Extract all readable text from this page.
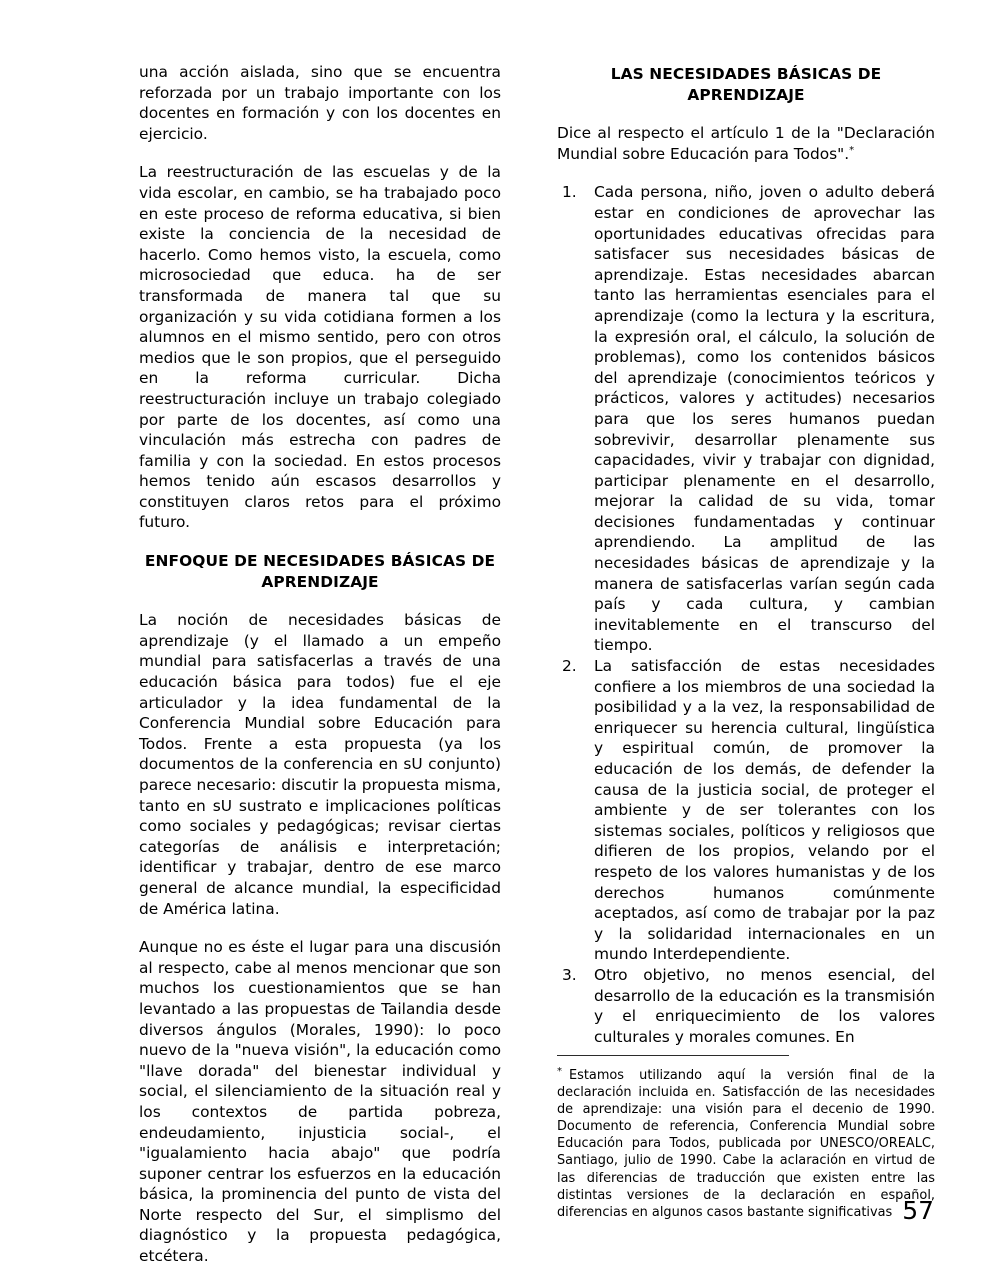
una acción aislada, sino que se encuentra reforzada por un trabajo importante con los docentes en formación y con los docentes en ejercicio.

La reestructuración de las escuelas y de la vida escolar, en cambio, se ha trabajado poco en este proceso de reforma educativa, si bien existe la conciencia de la necesidad de hacerlo. Como hemos visto, la escuela, como microsociedad que educa. ha de ser transformada de manera tal que su organización y su vida cotidiana formen a los alumnos en el mismo sentido, pero con otros medios que le son propios, que el perseguido en la reforma curricular. Dicha reestructuración incluye un trabajo colegiado por parte de los docentes, así como una vinculación más estrecha con padres de familia y con la sociedad. En estos procesos hemos tenido aún escasos desarrollos y constituyen claros retos para el próximo futuro.

ENFOQUE DE NECESIDADES BÁSICAS DE APRENDIZAJE

La noción de necesidades básicas de aprendizaje (y el llamado a un empeño mundial para satisfacerlas a través de una educación básica para todos) fue el eje articulador y la idea fundamental de la Conferencia Mundial sobre Educación para Todos. Frente a esta propuesta (ya los documentos de la conferencia en sU conjunto) parece necesario: discutir la propuesta misma, tanto en sU sustrato e implicaciones políticas como sociales y pedagógicas; revisar ciertas categorías de análisis e interpretación; identificar y trabajar, dentro de ese marco general de alcance mundial, la especificidad de América latina.

Aunque no es éste el lugar para una discusión al respecto, cabe al menos mencionar que son muchos los cuestionamientos que se han levantado a las propuestas de Tailandia desde diversos ángulos (Morales, 1990): lo poco nuevo de la "nueva visión", la educación como "llave dorada" del bienestar individual y social, el silenciamiento de la situación real y los contextos de partida pobreza, endeudamiento, injusticia social-, el "igualamiento hacia abajo" que podría suponer centrar los esfuerzos en la educación básica, la prominencia del punto de vista del Norte respecto del Sur, el simplismo del diagnóstico y la propuesta pedagógica, etcétera.

LAS NECESIDADES BÁSICAS DE APRENDIZAJE

Dice al respecto el artículo 1 de la "Declaración Mundial sobre Educación para Todos".*

1.	Cada persona, niño, joven o adulto deberá estar en condiciones de aprovechar las oportunidades educativas ofrecidas para satisfacer sus necesidades básicas de aprendizaje. Estas necesidades abarcan tanto las herramientas esenciales para el aprendizaje (como la lectura y la escritura, la expresión oral, el cálculo, la solución de problemas), como los contenidos básicos del aprendizaje (conocimientos teóricos y prácticos, valores y actitudes) necesarios para que los seres humanos puedan sobrevivir, desarrollar plenamente sus capacidades, vivir y trabajar con dignidad, participar plenamente en el desarrollo, mejorar la calidad de su vida, tomar decisiones fundamentadas y continuar aprendiendo. La amplitud de las necesidades básicas de aprendizaje y la manera de satisfacerlas varían según cada país y cada cultura, y cambian inevitablemente en el transcurso del tiempo.
2.	La satisfacción de estas necesidades confiere a los miembros de una sociedad la posibilidad y a la vez, la responsabilidad de enriquecer su herencia cultural, lingüística y espiritual común, de promover la educación de los demás, de defender la causa de la justicia social, de proteger el ambiente y de ser tolerantes con los sistemas sociales, políticos y religiosos que difieren de los propios, velando por el respeto de los valores humanistas y de los derechos humanos comúnmente aceptados, así como de trabajar por la paz y la solidaridad internacionales en un mundo Interdependiente.
3.	Otro objetivo, no menos esencial, del desarrollo de la educación es la transmisión y el enriquecimiento de los valores culturales y morales comunes. En

* Estamos utilizando aquí la versión final de la declaración incluida en. Satisfacción de las necesidades de aprendizaje: una visión para el decenio de 1990. Documento de referencia, Conferencia Mundial sobre Educación para Todos, publicada por UNESCO/OREALC, Santiago, julio de 1990. Cabe la aclaración en virtud de las diferencias de traducción que existen entre las distintas versiones de la declaración en español, diferencias en algunos casos bastante significativas 57
